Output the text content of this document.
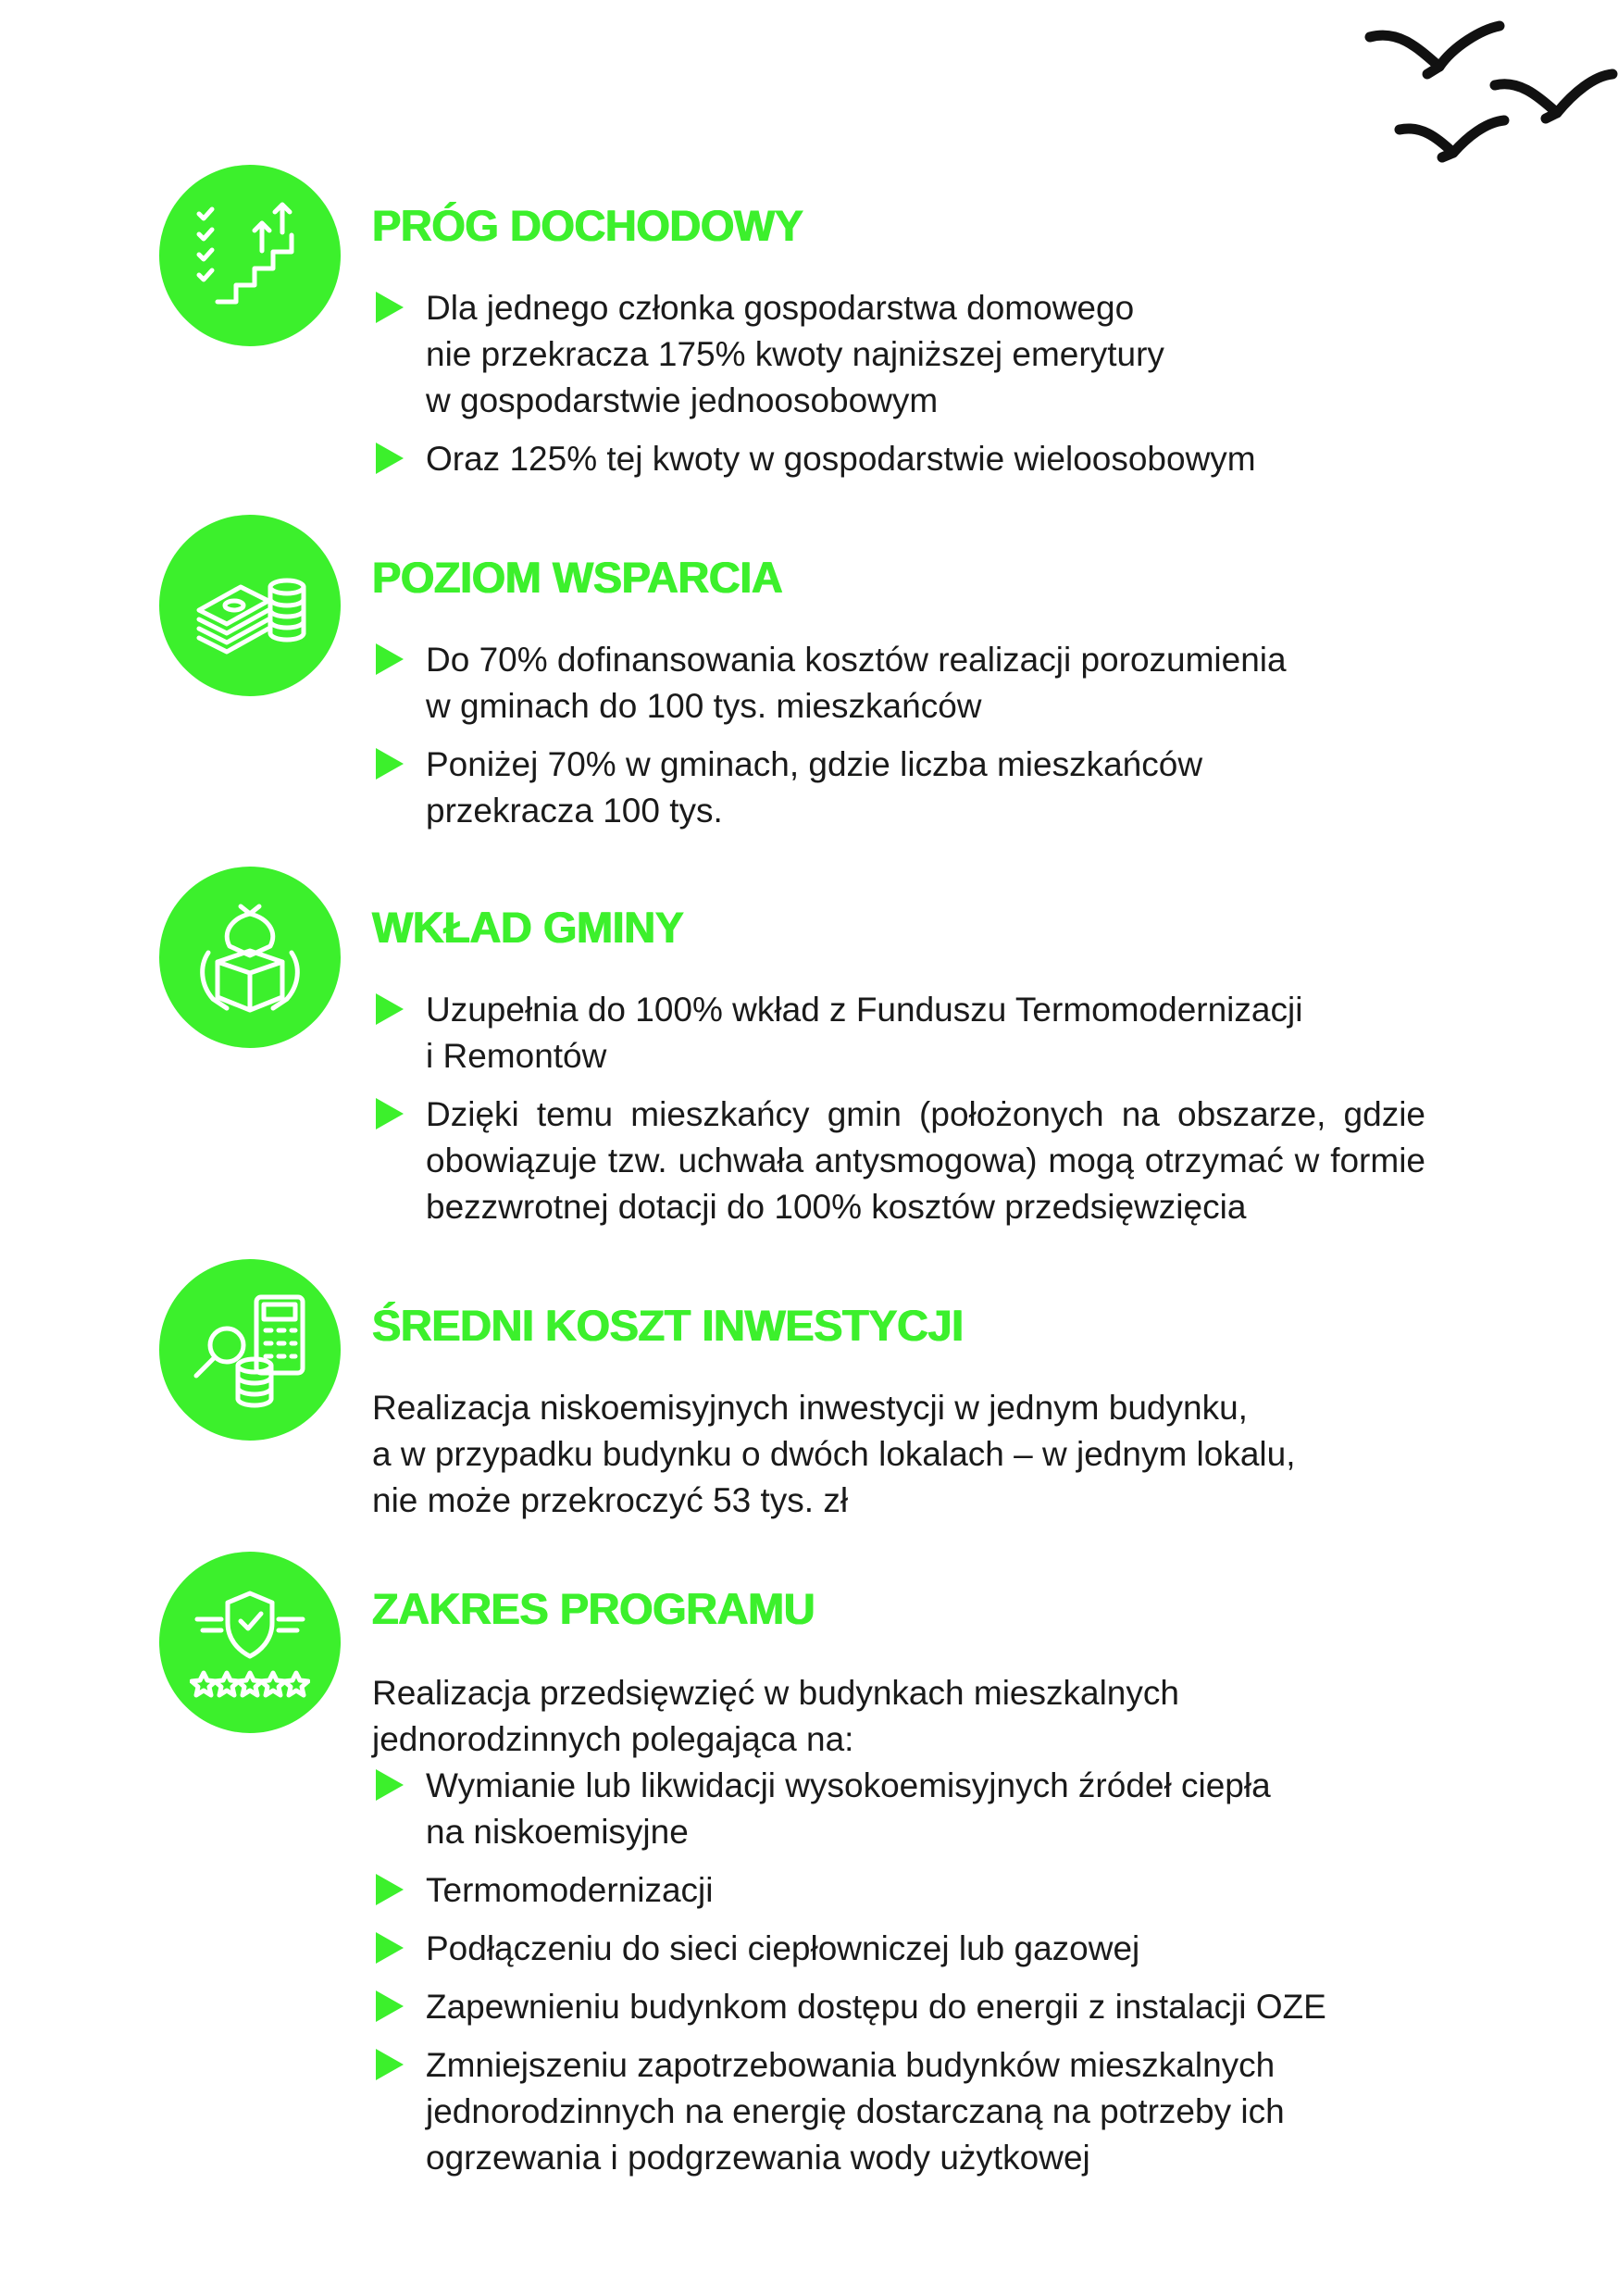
PRÓG DOCHODOWY
Dla jednego członka gospodarstwa domowego
nie przekracza 175% kwoty najniższej emerytury
w gospodarstwie jednoosobowym
Oraz 125% tej kwoty w gospodarstwie wieloosobowym
POZIOM WSPARCIA
Do 70% dofinansowania kosztów realizacji porozumienia
w gminach do 100 tys. mieszkańców
Poniżej 70% w gminach, gdzie liczba mieszkańców
przekracza 100 tys.
WKŁAD GMINY
Uzupełnia do 100% wkład z Funduszu Termomodernizacji
i Remontów
Dzięki temu mieszkańcy gmin (położonych na obszarze, gdzie obowiązuje tzw. uchwała antysmogowa) mogą otrzymać w formie bezzwrotnej dotacji do 100% kosztów przedsięwzięcia
ŚREDNI KOSZT INWESTYCJI

Realizacja niskoemisyjnych inwestycji w jednym budynku,
a w przypadku budynku o dwóch lokalach – w jednym lokalu,
nie może przekroczyć 53 tys. zł

ZAKRES PROGRAMU

Realizacja przedsięwzięć w budynkach mieszkalnych
jednorodzinnych polegająca na:

Wymianie lub likwidacji wysokoemisyjnych źródeł ciepła
na niskoemisyjne
Termomodernizacji
Podłączeniu do sieci ciepłowniczej lub gazowej
Zapewnieniu budynkom dostępu do energii z instalacji OZE
Zmniejszeniu zapotrzebowania budynków mieszkalnych
jednorodzinnych na energię dostarczaną na potrzeby ich
ogrzewania i podgrzewania wody użytkowej
